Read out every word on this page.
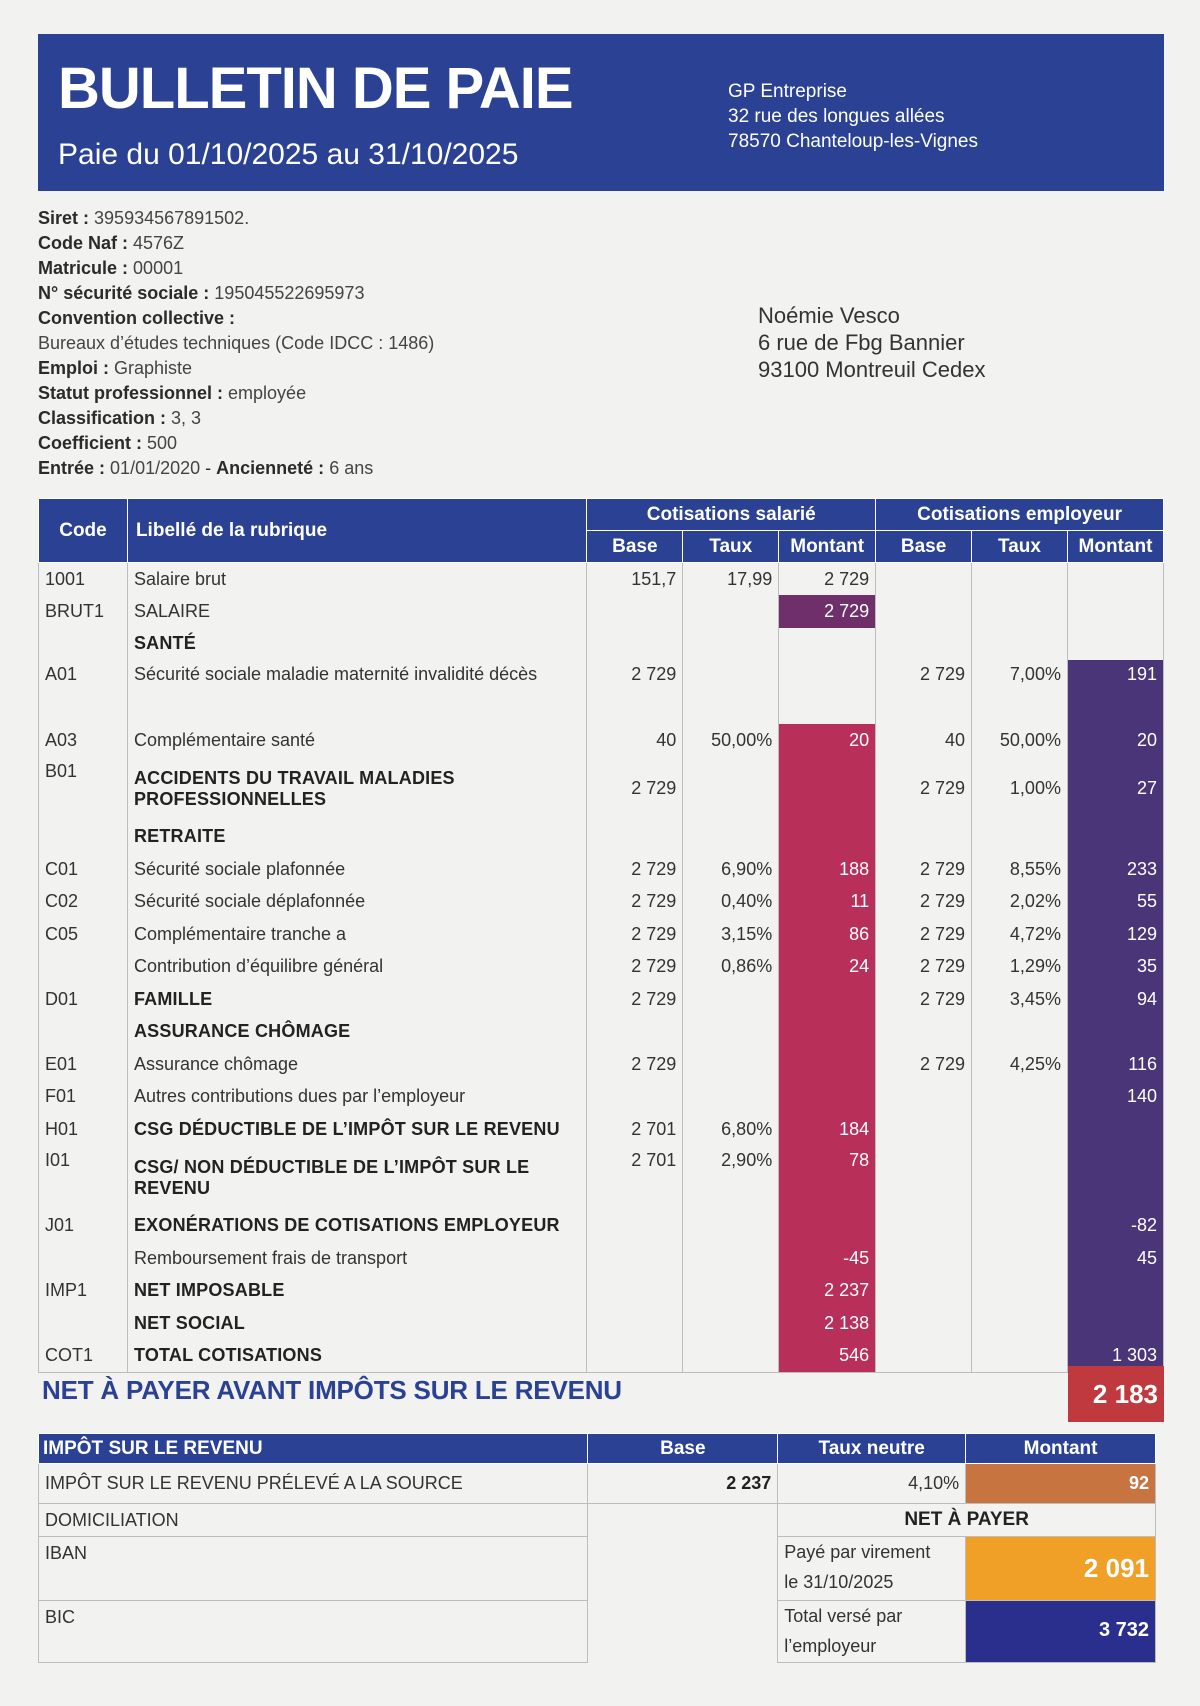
BULLETIN DE PAIE
Paie du 01/10/2025 au 31/10/2025
GP Entreprise
32 rue des longues allées
78570 Chanteloup-les-Vignes
Siret : 395934567891502.
Code Naf : 4576Z
Matricule : 00001
N° sécurité sociale : 195045522695973
Convention collective :
Bureaux d’études techniques (Code IDCC : 1486)
Emploi : Graphiste
Statut professionnel : employée
Classification : 3, 3
Coefficient : 500
Entrée : 01/01/2020 - Ancienneté : 6 ans
Noémie Vesco
6 rue de Fbg Bannier
93100 Montreuil Cedex
Code	Libellé de la rubrique	Cotisations salarié			Cotisations employeur		
		Base	Taux	Montant	Base	Taux	Montant
1001	Salaire brut	151,7	17,99	2 729			
BRUT1	SALAIRE			2 729			
	SANTÉ						
A01	Sécurité sociale maladie maternité invalidité décès	2 729			2 729	7,00%	191
A03	Complémentaire santé	40	50,00%	20	40	50,00%	20
B01	ACCIDENTS DU TRAVAIL MALADIES PROFESSIONNELLES	2 729			2 729	1,00%	27
	RETRAITE						
C01	Sécurité sociale plafonnée	2 729	6,90%	188	2 729	8,55%	233
C02	Sécurité sociale déplafonnée	2 729	0,40%	11	2 729	2,02%	55
C05	Complémentaire tranche a	2 729	3,15%	86	2 729	4,72%	129
	Contribution d’équilibre général	2 729	0,86%	24	2 729	1,29%	35
D01	FAMILLE	2 729			2 729	3,45%	94
	ASSURANCE CHÔMAGE						
E01	Assurance chômage	2 729			2 729	4,25%	116
F01	Autres contributions dues par l’employeur						140
H01	CSG DÉDUCTIBLE DE L’IMPÔT SUR LE REVENU	2 701	6,80%	184			
I01	CSG/ NON DÉDUCTIBLE DE L’IMPÔT SUR LE REVENU	2 701	2,90%	78			
J01	EXONÉRATIONS DE COTISATIONS EMPLOYEUR						-82
	Remboursement frais de transport			-45			45
IMP1	NET IMPOSABLE			2 237			
	NET SOCIAL			2 138			
COT1	TOTAL COTISATIONS			546			1 303
NET À PAYER AVANT IMPÔTS SUR LE REVENU	2 183
IMPÔT SUR LE REVENU	Base	Taux neutre	Montant
IMPÔT SUR LE REVENU PRÉLEVÉ A LA SOURCE	2 237	4,10%	92
DOMICILIATION		NET À PAYER	
IBAN		Payé par virement
le 31/10/2025	2 091

BIC		Total versé par
l’employeur	3 732
